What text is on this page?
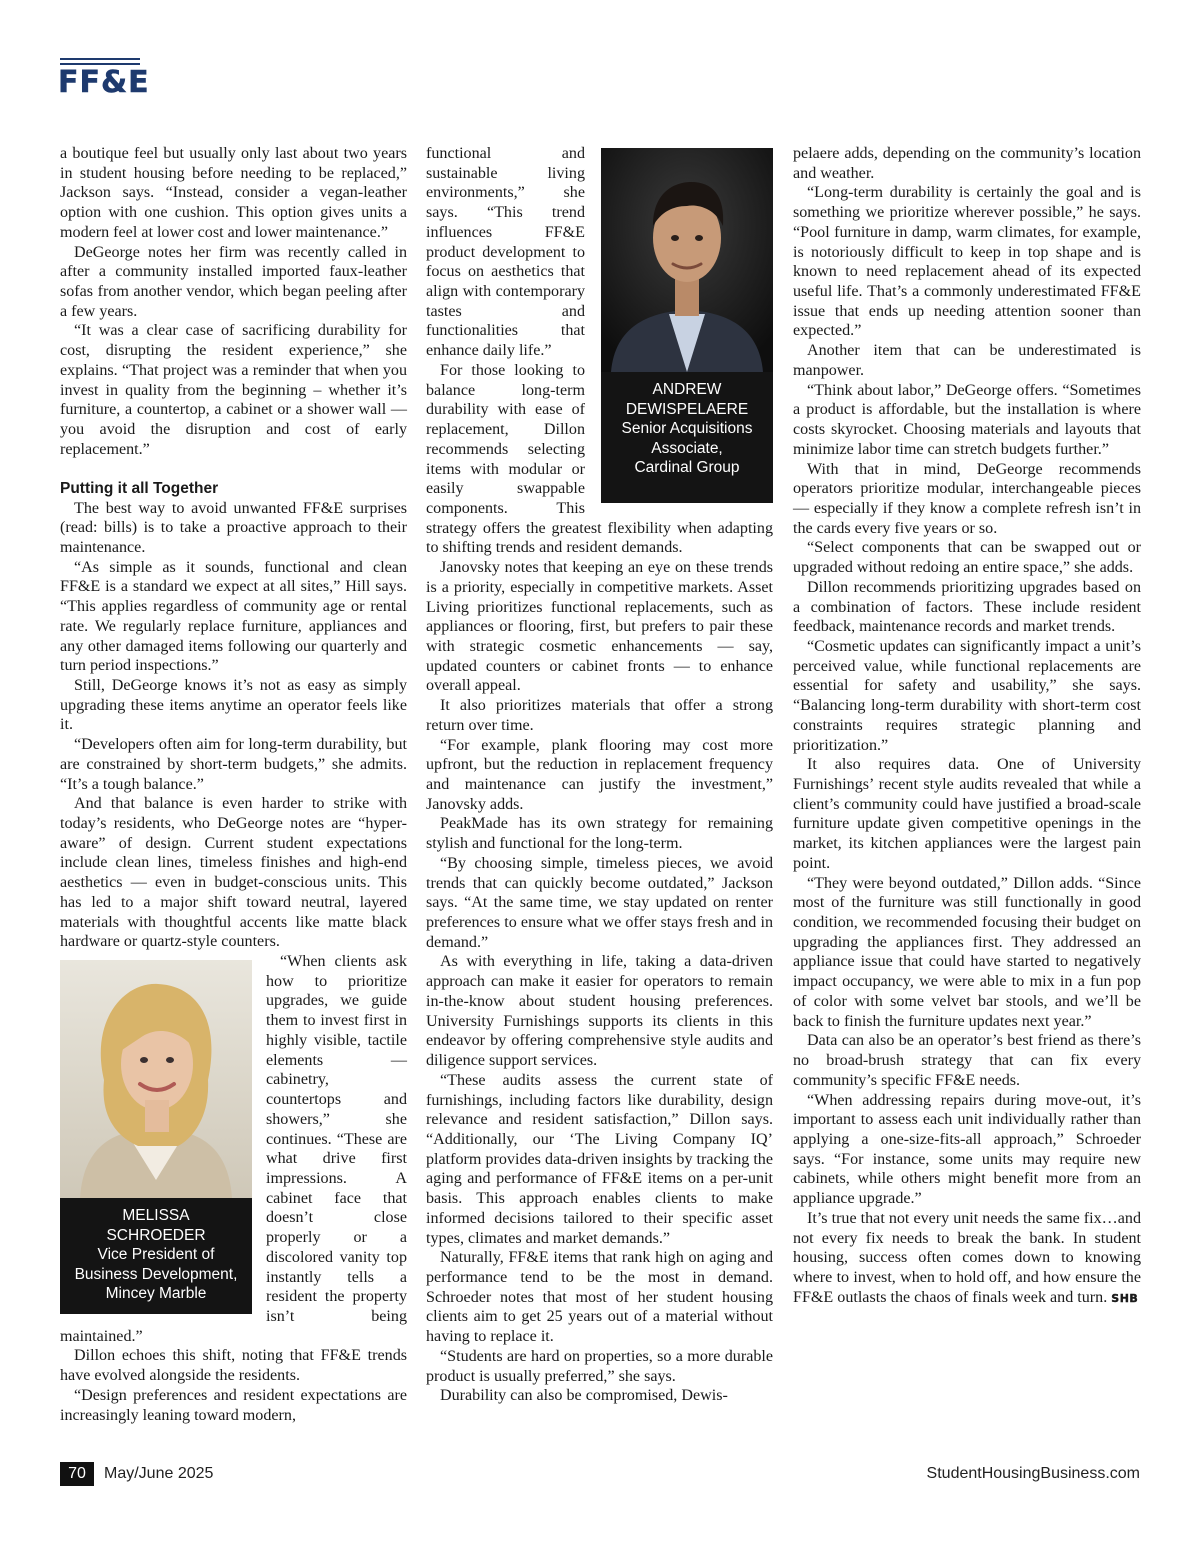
FF&E

a boutique feel but usually only last about two years in student housing before needing to be replaced,” Jackson says. “Instead, consider a vegan-leather option with one cushion. This option gives units a modern feel at lower cost and lower maintenance.”

DeGeorge notes her firm was recently called in after a community installed imported faux-leather sofas from another vendor, which began peeling after a few years.

“It was a clear case of sacrificing durability for cost, disrupting the resident experience,” she explains. “That project was a reminder that when you invest in quality from the beginning – whether it’s furniture, a countertop, a cabinet or a shower wall — you avoid the disruption and cost of early replacement.”

Putting it all Together

The best way to avoid unwanted FF&E surprises (read: bills) is to take a proactive approach to their maintenance.

“As simple as it sounds, functional and clean FF&E is a standard we expect at all sites,” Hill says. “This applies regardless of community age or rental rate. We regularly replace furniture, appliances and any other damaged items following our quarterly and turn period inspections.”

Still, DeGeorge knows it’s not as easy as simply upgrading these items anytime an operator feels like it.

“Developers often aim for long-term durability, but are constrained by short-term budgets,” she admits. “It’s a tough balance.”

And that balance is even harder to strike with today’s residents, who DeGeorge notes are “hyper-aware” of design. Current student expectations include clean lines, timeless finishes and high-end aesthetics — even in budget-conscious units. This has led to a major shift toward neutral, layered materials with thoughtful accents like matte black hardware or quartz-style counters.

MELISSA
SCHROEDER
Vice President of
Business Development,
Mincey Marble

“When clients ask how to prioritize upgrades, we guide them to invest first in highly visible, tactile elements — cabinetry, countertops and showers,” she continues. “These are what drive first impressions. A cabinet face that doesn’t close properly or a discolored vanity top instantly tells a resident the property isn’t being maintained.”

Dillon echoes this shift, noting that FF&E trends have evolved alongside the residents.

“Design preferences and resident expectations are increasingly leaning toward modern,

ANDREW
DEWISPELAERE
Senior Acquisitions
Associate,
Cardinal Group

functional and sustainable living environments,” she says. “This trend influences FF&E product development to focus on aesthetics that align with contemporary tastes and functionalities that enhance daily life.”

For those looking to balance long-term durability with ease of replacement, Dillon recommends selecting items with modular or easily swappable components. This strategy offers the greatest flexibility when adapting to shifting trends and resident demands.

Janovsky notes that keeping an eye on these trends is a priority, especially in competitive markets. Asset Living prioritizes functional replacements, such as appliances or flooring, first, but prefers to pair these with strategic cosmetic enhancements — say, updated counters or cabinet fronts — to enhance overall appeal.

It also prioritizes materials that offer a strong return over time.

“For example, plank flooring may cost more upfront, but the reduction in replacement frequency and maintenance can justify the investment,” Janovsky adds.

PeakMade has its own strategy for remaining stylish and functional for the long-term.

“By choosing simple, timeless pieces, we avoid trends that can quickly become outdated,” Jackson says. “At the same time, we stay updated on renter preferences to ensure what we offer stays fresh and in demand.”

As with everything in life, taking a data-driven approach can make it easier for operators to remain in-the-know about student housing preferences. University Furnishings supports its clients in this endeavor by offering comprehensive style audits and diligence support services.

“These audits assess the current state of furnishings, including factors like durability, design relevance and resident satisfaction,” Dillon says. “Additionally, our ‘The Living Company IQ’ platform provides data-driven insights by tracking the aging and performance of FF&E items on a per-unit basis. This approach enables clients to make informed decisions tailored to their specific asset types, climates and market demands.”

Naturally, FF&E items that rank high on aging and performance tend to be the most in demand. Schroeder notes that most of her student housing clients aim to get 25 years out of a material without having to replace it.

“Students are hard on properties, so a more durable product is usually preferred,” she says.

Durability can also be compromised, Dewis-

pelaere adds, depending on the community’s location and weather.

“Long-term durability is certainly the goal and is something we prioritize wherever possible,” he says. “Pool furniture in damp, warm climates, for example, is notoriously difficult to keep in top shape and is known to need replacement ahead of its expected useful life. That’s a commonly underestimated FF&E issue that ends up needing attention sooner than expected.”

Another item that can be underestimated is manpower.

“Think about labor,” DeGeorge offers. “Sometimes a product is affordable, but the installation is where costs skyrocket. Choosing materials and layouts that minimize labor time can stretch budgets further.”

With that in mind, DeGeorge recommends operators prioritize modular, interchangeable pieces — especially if they know a complete refresh isn’t in the cards every five years or so.

“Select components that can be swapped out or upgraded without redoing an entire space,” she adds.

Dillon recommends prioritizing upgrades based on a combination of factors. These include resident feedback, maintenance records and market trends.

“Cosmetic updates can significantly impact a unit’s perceived value, while functional replacements are essential for safety and usability,” she says. “Balancing long-term durability with short-term cost constraints requires strategic planning and prioritization.”

It also requires data. One of University Furnishings’ recent style audits revealed that while a client’s community could have justified a broad-scale furniture update given competitive openings in the market, its kitchen appliances were the largest pain point.

“They were beyond outdated,” Dillon adds. “Since most of the furniture was still functionally in good condition, we recommended focusing their budget on upgrading the appliances first. They addressed an appliance issue that could have started to negatively impact occupancy, we were able to mix in a fun pop of color with some velvet bar stools, and we’ll be back to finish the furniture updates next year.”

Data can also be an operator’s best friend as there’s no broad-brush strategy that can fix every community’s specific FF&E needs.

“When addressing repairs during move-out, it’s important to assess each unit individually rather than applying a one-size-fits-all approach,” Schroeder says. “For instance, some units may require new cabinets, while others might benefit more from an appliance upgrade.”

It’s true that not every unit needs the same fix…and not every fix needs to break the bank. In student housing, success often comes down to knowing where to invest, when to hold off, and how ensure the FF&E outlasts the chaos of finals week and turn. SHB

70	May/June 2025	StudentHousingBusiness.com
